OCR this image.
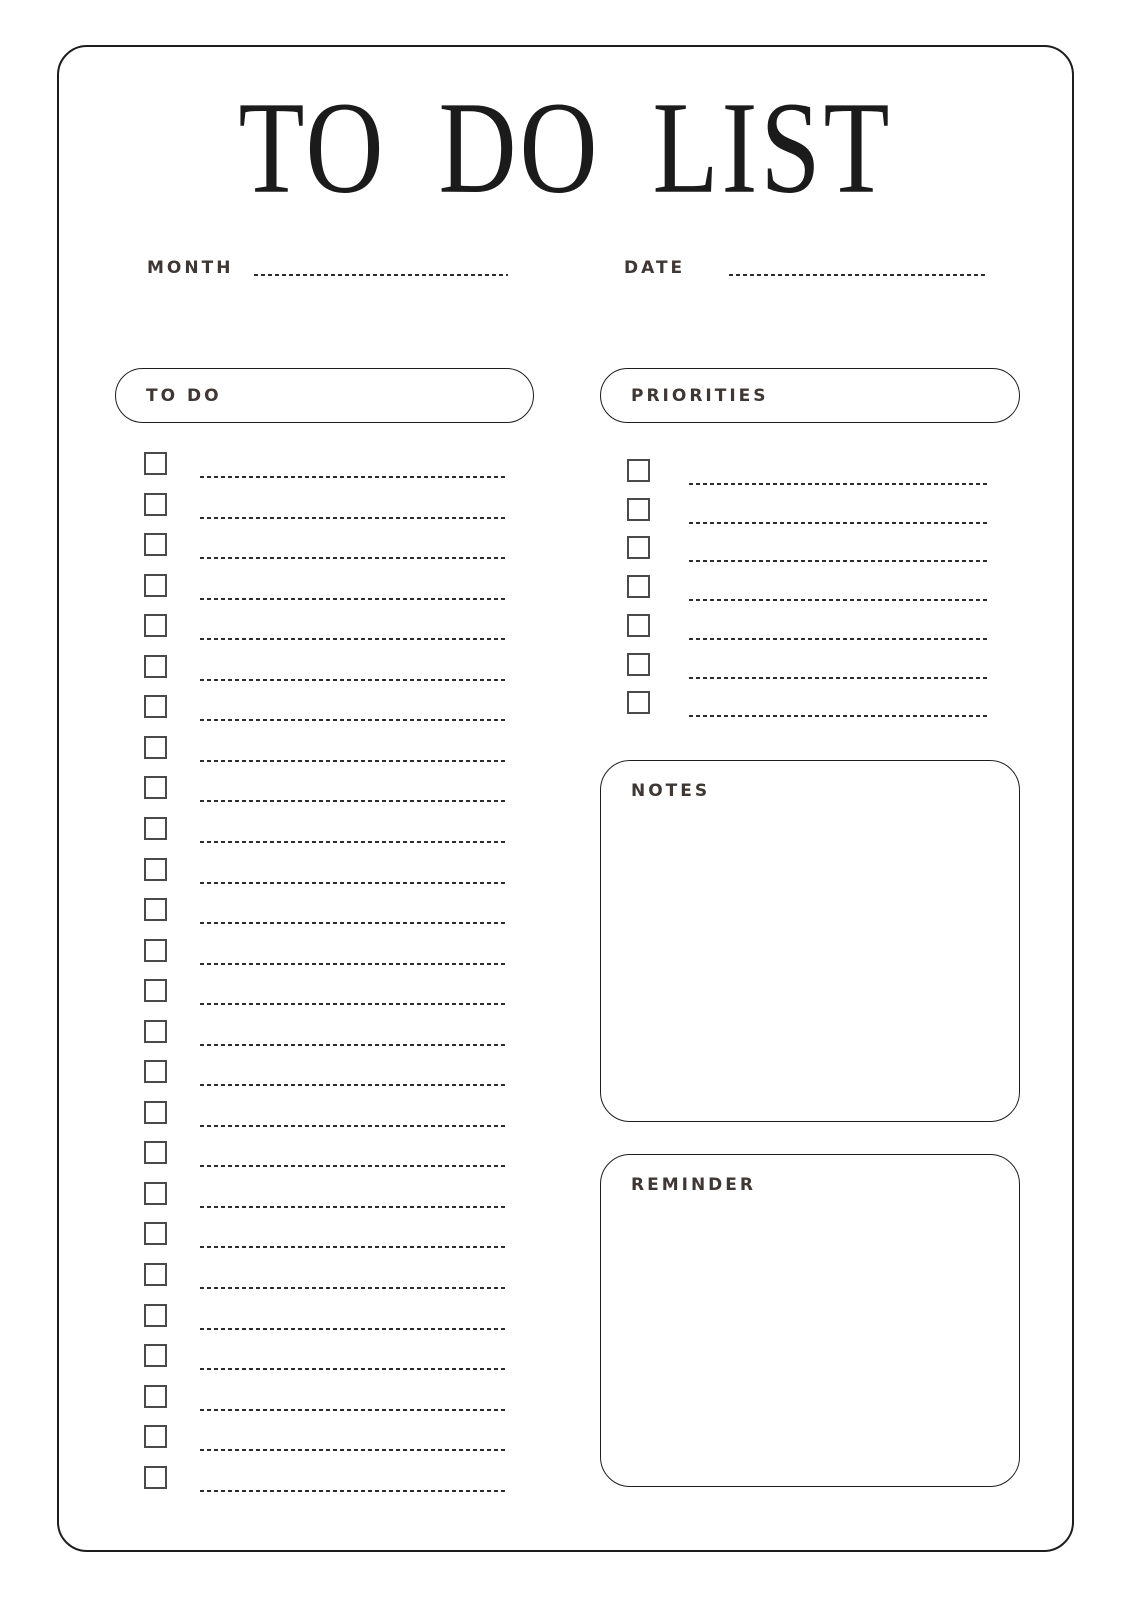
TO DO LIST
MONTH	DATE
TO DO	PRIORITIES
NOTES
REMINDER
